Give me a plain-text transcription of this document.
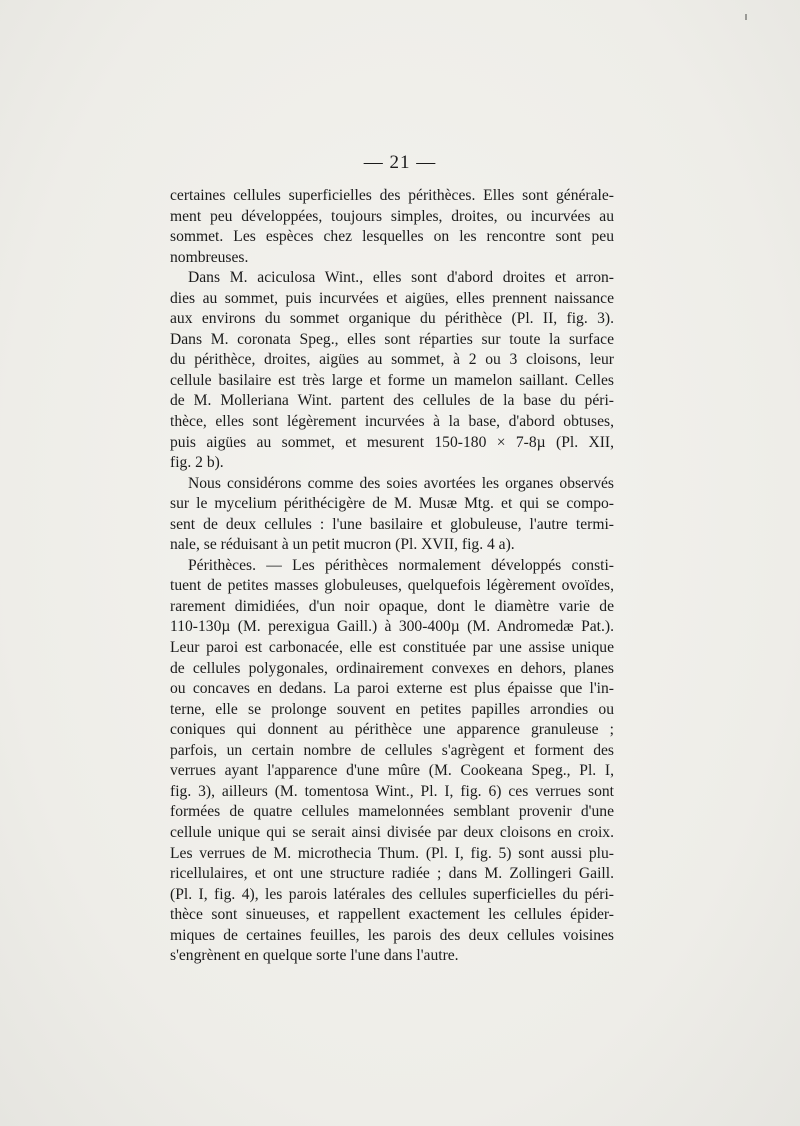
— 21 —
certaines cellules superficielles des périthèces. Elles sont générale-
ment peu développées, toujours simples, droites, ou incurvées au
sommet. Les espèces chez lesquelles on les rencontre sont peu
nombreuses.
Dans M. aciculosa Wint., elles sont d'abord droites et arron-
dies au sommet, puis incurvées et aigües, elles prennent naissance
aux environs du sommet organique du périthèce (Pl. II, fig. 3).
Dans M. coronata Speg., elles sont réparties sur toute la surface
du périthèce, droites, aigües au sommet, à 2 ou 3 cloisons, leur
cellule basilaire est très large et forme un mamelon saillant. Celles
de M. Molleriana Wint. partent des cellules de la base du péri-
thèce, elles sont légèrement incurvées à la base, d'abord obtuses,
puis aigües au sommet, et mesurent 150-180 × 7-8µ (Pl. XII,
fig. 2 b).
Nous considérons comme des soies avortées les organes observés
sur le mycelium périthécigère de M. Musæ Mtg. et qui se compo-
sent de deux cellules : l'une basilaire et globuleuse, l'autre termi-
nale, se réduisant à un petit mucron (Pl. XVII, fig. 4 a).
Périthèces. — Les périthèces normalement développés consti-
tuent de petites masses globuleuses, quelquefois légèrement ovoïdes,
rarement dimidiées, d'un noir opaque, dont le diamètre varie de
110-130µ (M. perexigua Gaill.) à 300-400µ (M. Andromedæ Pat.).
Leur paroi est carbonacée, elle est constituée par une assise unique
de cellules polygonales, ordinairement convexes en dehors, planes
ou concaves en dedans. La paroi externe est plus épaisse que l'in-
terne, elle se prolonge souvent en petites papilles arrondies ou
coniques qui donnent au périthèce une apparence granuleuse ;
parfois, un certain nombre de cellules s'agrègent et forment des
verrues ayant l'apparence d'une mûre (M. Cookeana Speg., Pl. I,
fig. 3), ailleurs (M. tomentosa Wint., Pl. I, fig. 6) ces verrues sont
formées de quatre cellules mamelonnées semblant provenir d'une
cellule unique qui se serait ainsi divisée par deux cloisons en croix.
Les verrues de M. microthecia Thum. (Pl. I, fig. 5) sont aussi plu-
ricellulaires, et ont une structure radiée ; dans M. Zollingeri Gaill.
(Pl. I, fig. 4), les parois latérales des cellules superficielles du péri-
thèce sont sinueuses, et rappellent exactement les cellules épider-
miques de certaines feuilles, les parois des deux cellules voisines
s'engrènent en quelque sorte l'une dans l'autre.
